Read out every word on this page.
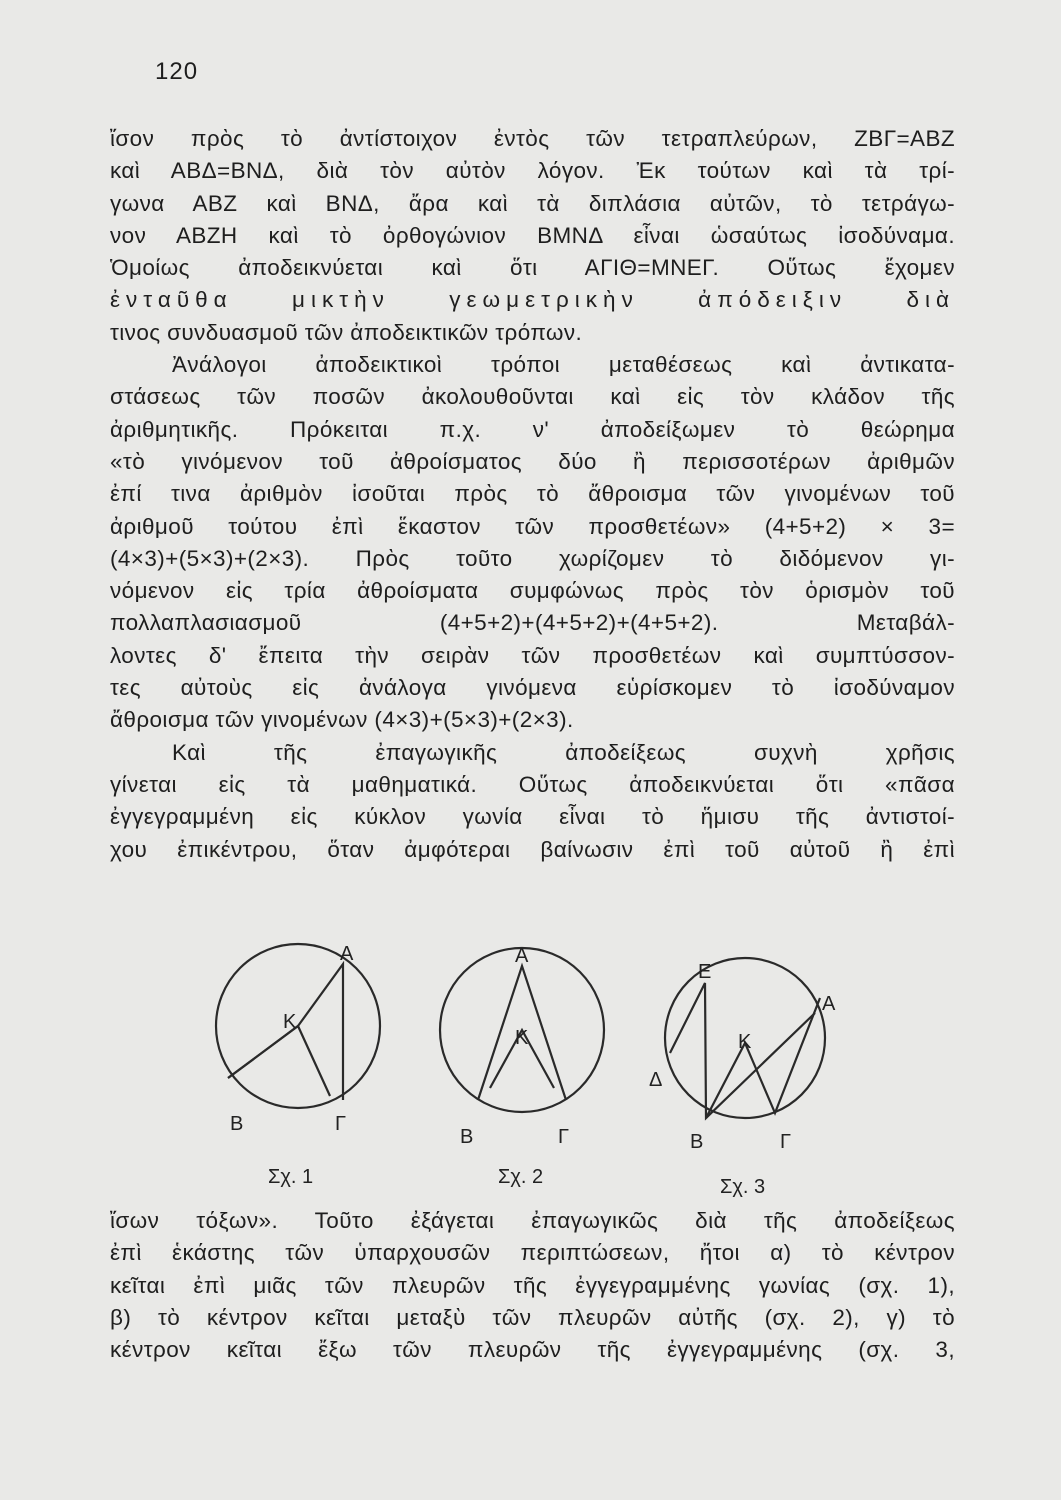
120

ἴσον πρὸς τὸ ἀντίστοιχον ἐντὸς τῶν τετραπλεύρων, ΖΒΓ=ΑΒΖ
καὶ ΑΒΔ=ΒΝΔ, διὰ τὸν αὐτὸν λόγον. Ἐκ τούτων καὶ τὰ τρί-
γωνα ΑΒΖ καὶ ΒΝΔ, ἄρα καὶ τὰ διπλάσια αὐτῶν, τὸ τετράγω-
νον ΑΒΖΗ καὶ τὸ ὀρθογώνιον ΒΜΝΔ εἶναι ὡσαύτως ἰσοδύναμα.
Ὁμοίως ἀποδεικνύεται καὶ ὅτι ΑΓΙΘ=ΜΝΕΓ. Οὕτως ἔχομεν
ἐνταῦθα μικτὴν γεωμετρικὴν ἀπόδειξιν διὰ
τινος συνδυασμοῦ τῶν ἀποδεικτικῶν τρόπων.

Ἀνάλογοι ἀποδεικτικοὶ τρόποι μεταθέσεως καὶ ἀντικατα-
στάσεως τῶν ποσῶν ἀκολουθοῦνται καὶ εἰς τὸν κλάδον τῆς
ἀριθμητικῆς. Πρόκειται π.χ. ν' ἀποδείξωμεν τὸ θεώρημα
«τὸ γινόμενον τοῦ ἀθροίσματος δύο ἢ περισσοτέρων ἀριθμῶν
ἐπί τινα ἀριθμὸν ἰσοῦται πρὸς τὸ ἄθροισμα τῶν γινομένων τοῦ
ἀριθμοῦ τούτου ἐπὶ ἕκαστον τῶν προσθετέων» (4+5+2) × 3=
(4×3)+(5×3)+(2×3). Πρὸς τοῦτο χωρίζομεν τὸ διδόμενον γι-
νόμενον εἰς τρία ἀθροίσματα συμφώνως πρὸς τὸν ὁρισμὸν τοῦ
πολλαπλασιασμοῦ (4+5+2)+(4+5+2)+(4+5+2). Μεταβάλ-
λοντες δ' ἔπειτα τὴν σειρὰν τῶν προσθετέων καὶ συμπτύσσον-
τες αὐτοὺς εἰς ἀνάλογα γινόμενα εὑρίσκομεν τὸ ἰσοδύναμον
ἄθροισμα τῶν γινομένων (4×3)+(5×3)+(2×3).

Καὶ τῆς ἐπαγωγικῆς ἀποδείξεως συχνὴ χρῆσις
γίνεται εἰς τὰ μαθηματικά. Οὕτως ἀποδεικνύεται ὅτι «πᾶσα
ἐγγεγραμμένη εἰς κύκλον γωνία εἶναι τὸ ἥμισυ τῆς ἀντιστοί-
χου ἐπικέντρου, ὅταν ἀμφότεραι βαίνωσιν ἐπὶ τοῦ αὐτοῦ ἢ ἐπὶ

A
K
B	Γ
Σχ. 1
A
K
B	Γ
Σχ. 2
E
A
K
Δ
B	Γ
Σχ. 3

ἴσων τόξων». Τοῦτο ἐξάγεται ἐπαγωγικῶς διὰ τῆς ἀποδείξεως
ἐπὶ ἑκάστης τῶν ὑπαρχουσῶν περιπτώσεων, ἤτοι α) τὸ κέντρον
κεῖται ἐπὶ μιᾶς τῶν πλευρῶν τῆς ἐγγεγραμμένης γωνίας (σχ. 1),
β) τὸ κέντρον κεῖται μεταξὺ τῶν πλευρῶν αὐτῆς (σχ. 2), γ) τὸ
κέντρον κεῖται ἔξω τῶν πλευρῶν τῆς ἐγγεγραμμένης (σχ. 3,
